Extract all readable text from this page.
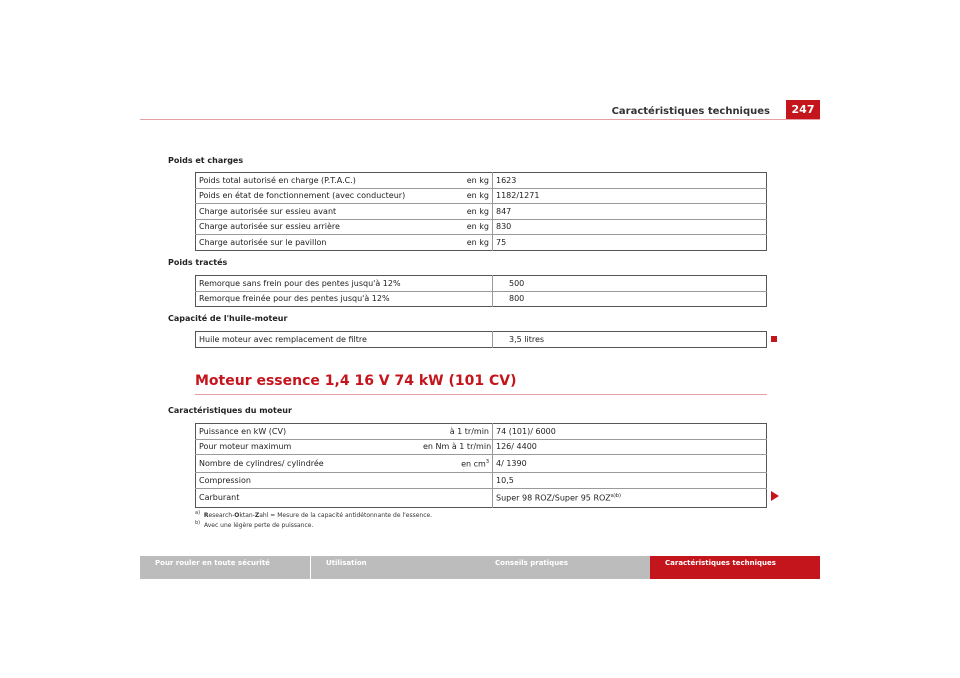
Caractéristiques techniques	247
Poids et charges
Poids total autorisé en charge (P.T.A.C.)	en kg	1623
Poids en état de fonctionnement (avec conducteur)	en kg	1182/1271
Charge autorisée sur essieu avant	en kg	847
Charge autorisée sur essieu arrière	en kg	830
Charge autorisée sur le pavillon	en kg	75
Poids tractés
Remorque sans frein pour des pentes jusqu'à 12%	500
Remorque freinée pour des pentes jusqu'à 12%	800
Capacité de l'huile-moteur
Huile moteur avec remplacement de filtre	3,5 litres
Moteur essence 1,4 16 V 74 kW (101 CV)
Caractéristiques du moteur
Puissance en kW (CV)	à 1 tr/min	74 (101)/ 6000
Pour moteur maximum	en Nm à 1 tr/min	126/ 4400
Nombre de cylindres/ cylindrée	en $cm^3$	4/ 1390
Compression		10,5
Carburant		Super 98 ROZ/Super 95 $ROZ^{a)b)}$
$^{a)}$ Research-Oktan-Zahl = Mesure de la capacité antidétonnante de l'essence.
$^{b)}$ Avec une légère perte de puissance.
Pour rouler en toute sécurité	Utilisation	Conseils pratiques	Caractéristiques techniques
